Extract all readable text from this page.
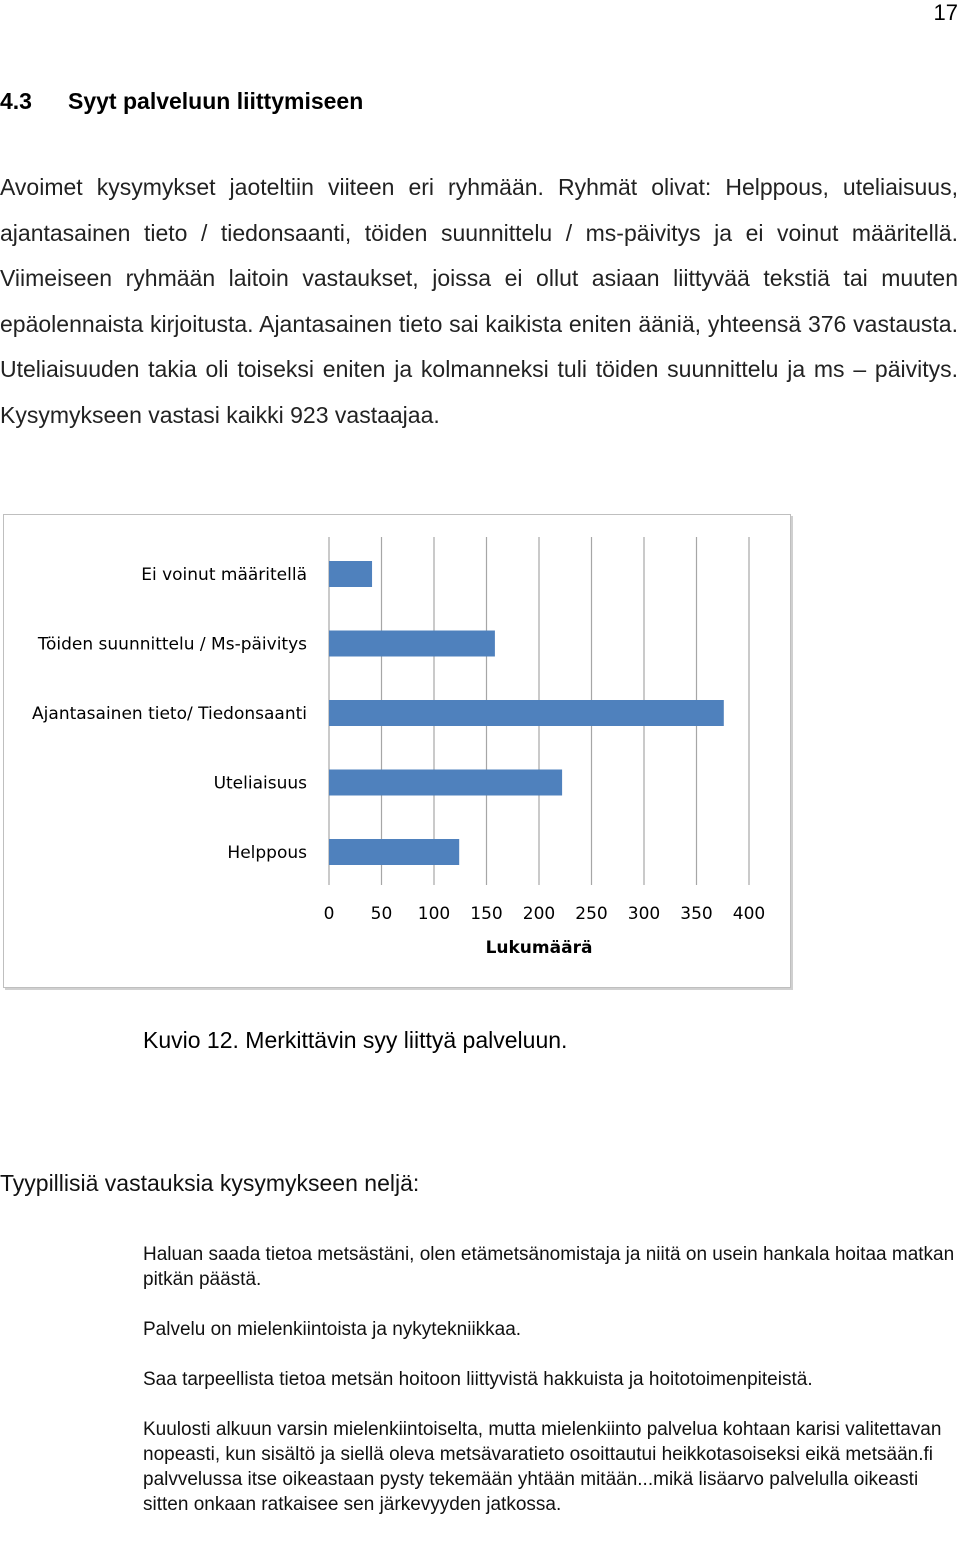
17
4.3 Syyt palveluun liittymiseen

Avoimet kysymykset jaoteltiin viiteen eri ryhmään. Ryhmät olivat: Helppous, uteliaisuus, ajantasainen tieto / tiedonsaanti, töiden suunnittelu / ms-päivitys ja ei voinut määritellä. Viimeiseen ryhmään laitoin vastaukset, joissa ei ollut asiaan liittyvää tekstiä tai muuten epäolennaista kirjoitusta. Ajantasainen tieto sai kaikista eniten ääniä, yhteensä 376 vastausta. Uteliaisuuden takia oli toiseksi eniten ja kolmanneksi tuli töiden suunnittelu ja ms – päivitys. Kysymykseen vastasi kaikki 923 vastaajaa.

0 50 100 150 200 250 300 350 400
Lukumäärä
Ei voinut määritellä
Töiden suunnittelu / Ms-päivitys
Ajantasainen tieto/ Tiedonsaanti
Uteliaisuus
Helppous

Kuvio 12. Merkittävin syy liittyä palveluun.

Tyypillisiä vastauksia kysymykseen neljä:

Haluan saada tietoa metsästäni, olen etämetsänomistaja ja niitä on usein hankala hoitaa matkan pitkän päästä.
Palvelu on mielenkiintoista ja nykytekniikkaa.
Saa tarpeellista tietoa metsän hoitoon liittyvistä hakkuista ja hoitotoimenpiteistä.
Kuulosti alkuun varsin mielenkiintoiselta, mutta mielenkiinto palvelua kohtaan karisi valitettavan nopeasti, kun sisältö ja siellä oleva metsävaratieto osoittautui heikkotasoiseksi eikä metsään.fi palvvelussa itse oikeastaan pysty tekemään yhtään mitään...mikä lisäarvo palvelulla oikeasti sitten onkaan ratkaisee sen järkevyyden jatkossa.
